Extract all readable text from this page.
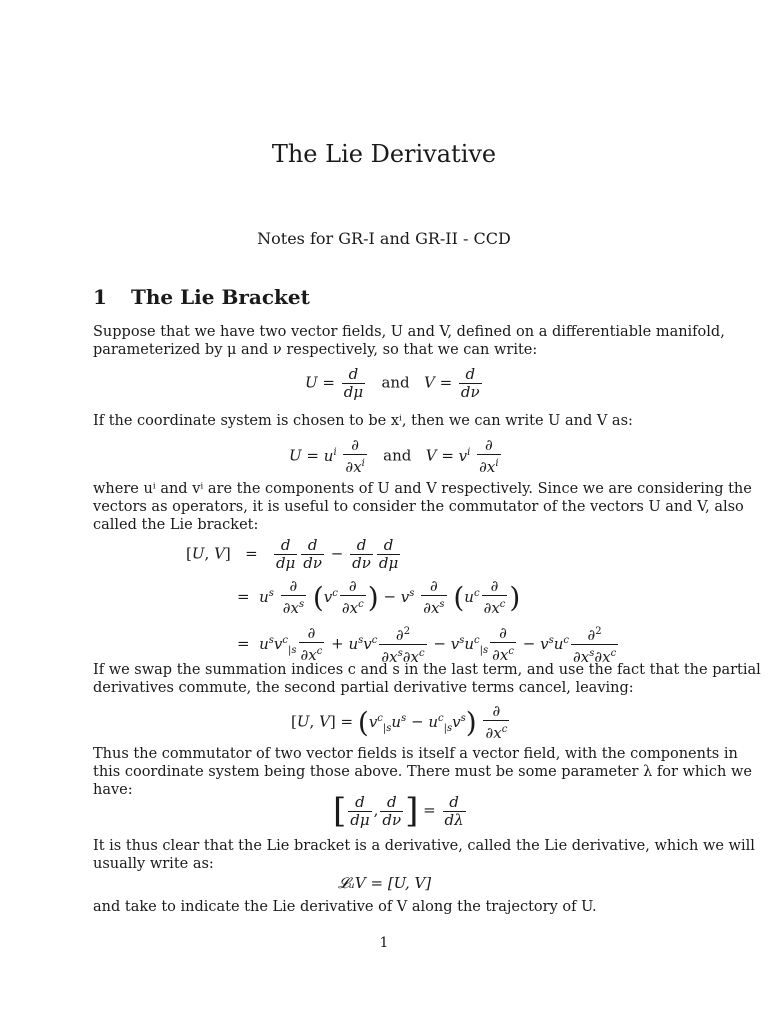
The Lie Derivative
Notes for GR-I and GR-II - CCD
1 The Lie Bracket
Suppose that we have two vector fields, U and V, defined on a differentiable manifold,
parameterized by μ and ν respectively, so that we can write:
$U = \frac{d}{d\mu}$ and $V = \frac{d}{d\nu}$
If the coordinate system is chosen to be xⁱ, then we can write U and V as:
$U = u^i \frac{\partial}{\partial x^i}$ and $V = v^i \frac{\partial}{\partial x^i}$
where uⁱ and vⁱ are the components of U and V respectively. Since we are considering the
vectors as operators, it is useful to consider the commutator of the vectors U and V, also
called the Lie bracket:
[U, $V] = \frac{d}{d\mu} \frac{d}{d\nu} - \frac{d}{d\nu} \frac{d}{d\mu}$
=  $u^s \frac{\partial}{\partial x^s} (v^c \frac{\partial}{\partial x^c}$ ) − $v^s \frac{\partial}{\partial x^s} (u^c \frac{\partial}{\partial x^c}$ )
=  $u^sv^c_{|s} \frac{\partial}{\partial x^c} + u^sv^c \frac{\partial^2}{\partial x^s\partial x^c} - v^su^c_{|s} \frac{\partial}{\partial x^c} - v^su^c \frac{\partial^2}{\partial x^s\partial x^c}$
If we swap the summation indices c and s in the last term, and use the fact that the partial
derivatives commute, the second partial derivative terms cancel, leaving:
[U, $V] = (v^c_{|s}u^s - u^c_{|s}v^s) \frac{\partial}{\partial x^c}$
Thus the commutator of two vector fields is itself a vector field, with the components in
this coordinate system being those above. There must be some parameter λ for which we
have:
[ $\frac{d}{d\mu}$ , $\frac{d}{d\nu}$ ] = $\frac{d}{d\lambda}$
It is thus clear that the Lie bracket is a derivative, called the Lie derivative, which we will
usually write as:
𝓛ᵤV = [U, V]
and take to indicate the Lie derivative of V along the trajectory of U.
1
